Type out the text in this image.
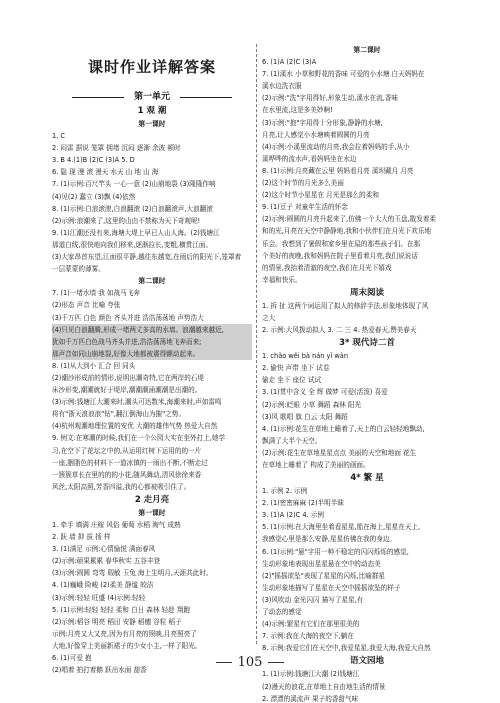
课时作业详解答案
第一单元
1 观 潮
第一课时
1. C
2. 闷雷 据说 笼罩 拥堵 沉闷 逐渐 余波 顿时
3. B 4.(1)B (2)C (3)A 5. D
6. 隐 现 漫 滚 漫天 水天 山 地 山 海
7. (1)示例:百尺竿头 一心一意 (2)山崩地裂 (3)隆隆作响
(4)见(2) 蠢立 (3)飘 (4)依然
8. (1)示例:白浪滚滚,白浪翻滚 (2)白浪翻滚声,大浪翻滚
(2)示例:浪潮来了,这里的山由不禁称为天下奇观呢!
9. (1)江潮还没有来,海塘大堤上早已人山人海。(2)钱塘江
那道白线,很快地向我们移来,逐渐拉长,变粗,横贯江面。
(3)大家昂首东望,江面很平静,越往东越宽,在雨后的阳光下,笼罩着
一层蒙蒙的薄雾。
第二课时
7. (1)一堵水墙 我 如战马飞奔
(2)形态 声音 比喻 夸张
(3)千万匹 白色 颜色 齐头并进 浩浩荡荡地 声势浩大
(4)只见白浪翻腾,形成一堵两丈多高的水墙。浪潮越来越近,
犹如千万匹白色战马齐头并进,浩浩荡荡地飞奔而来;
那声音如同山崩地裂,好像大地都被震得颤动起来。
8. (1)从大到小 汇合 回 同头
(2)潮沙形成前的情形,说明出潮奇特,它在两岸的石堤
床沙形变,潮潮就好于堤岸,潮潮潮涌潮潮是出潮的。
(3)示例:钱塘江大潮来时,潮头可达数米,海潮来时,声如雷鸣
将有"浙天浪浪浪"钻",翻江倒海山为摧"之势。
(4)杭州观潮地理位置的安优 大潮的雄伟气势 热爱大自然
9. 例文:在寒潮的时候,我们在一个公园大实在坐外打上,她学
习,在空下了花坛之中的,从运用红树下运用的的一片
一座,胭脂色的材料下一道冰镇的一雨出不断,不断走过
一簇簇草长在里的的的小花,随风舞动,清风徐徐来香
风丝,太阳高照,芳香四溢,我的心都被吸引住了。
2 走月亮
第一课时
1. 牵手 填满 庄稼 风俗 葡萄 水稻 淘气 成熟
2. 跃 墙 抑 拔 扬 样
3. (1)满足 示例:心情愉悦 满面春风
(2)示例:硕果累累 春华秋实 五谷丰登
(3)示例:圆圆 弯弯 瑕敏 玉兔 海上生明月,天涯共此时。
4. (1)巍峨 险峻 (2)柔美 静谧 皎洁
(3)示例:轻轻 旺盛 (4)示例:轻轻
5. (1)示例:轻轻 轻轻 柔和 白日 森林 轻趁 翔跑
(2)示例:稻谷 明亮 稻田 安静 稻穗 谷粒 稻子
示例:月亮又大又亮,因为有月亮的照映,月亮照亮了
大地,好像穿上美丽新裙子的少女小主,一样了阳光。
6. (1)可爱 抱
(2)唱着 拍打着鹅 跃出水面 甜香
第二课时
6. (1)A (2)C (3)A
7. (1)溪水 小草和野花的香味 可爱的小水塘 白天妈妈在
溪水边洗衣服
(2)示例:"洗"字用得好,形象生动,溪水在流,香味
在水里流,这是多美妙啊!
(3)示例:"抱"字用得十分形象,静静的水塘,
月亮,让人感觉小水塘映着圆圆的月亮
(4)示例:小溪里流动的月亮,我会拉着妈妈的手,从小
溪哗哗的流水声,看妈妈坐在水边
8. (1)示例:月亮藏在云里 妈妈看月亮 溪坝戴月 月亮
(2)这个时节的月光多么美丽
(2)这个时节小星星在 月光是那么的柔和
9. (1)豆子 对童年生活的怀念
(2)示例:圆圆的月亮升起来了,仿佛一个大大的玉盘,散发着柔
和的光,月亮在天空中静静地,我和小伙伴们在月光下欢乐地
乐会。我想到了暑假和家乡里在屋的那些孩子们。在那
个美好的夜晚,我和妈妈在院子里看着月亮,我们说说话
的情景,我抬着清澈的夜空,我们在月光下嬉戏
幸福和快乐。
周末阅读
1. 拆 扯 这两个词运用了拟人的修辞手法,形象地体现了风
之大
2. 示例:大风拨动拟人 3. 二 三 4. 热爱春天,赞美春天
3* 现代诗二首
1. chǎo wěi bà nán yǐ wàn
2. 偷快 声带 坐下 试卷
偷走 坐下 座位 试试
3. (1)贯中含义 全 辉 做梦 可爱(活泼) 喜爱
(2)示例:眨眼 小草 舞蹈 森林 阳光
(3)风 歌唱 旗 白云 太阳 舞蹈
4. (1)示例:花生在草地上睡着了,天上的白云轻轻地飘动,
飘满了大半个天空。
(2)示例:花生在草地星星点点 美丽的天空和地面 花生
在草地上睡着了 构成了美丽的画面。
4* 繁 星
1. 示例 2. 示例
2. (1)密密麻麻 (2)半明半昧
3. (1)A (2)C 4. 示例
5. (1)示例:在大海里坐着看星星,船在海上,星星在天上,
我感觉心里是那么安静,星星仿佛在我的身边。
6. (1)示例:"悬"字用一种不稳定的闪闪烁烁的感觉,
生动形象地表现出星星悬在空中的动态美
(2)"摇摇欲坠"表现了星星的闪烁,比喻群星
生动形象地描写了星星在天空中摇摇欲坠的样子
(3)风吹动 金光闪闪 描写了星星,有
了动态的感觉
(4)示例:繁星有它们在那里很美的
7. 示例:我在大海的夜空下,躺在
8. 示例:我爱它们在天空中,我爱星星,我爱大海,我爱大自然
语文园地
1. (1)示例:钱塘江大潮 (2)钱塘江
(2)漫天的浪花,在草地上自由地生活的情景
2. 漂漂的溪流声 果子的香甜气味
105
